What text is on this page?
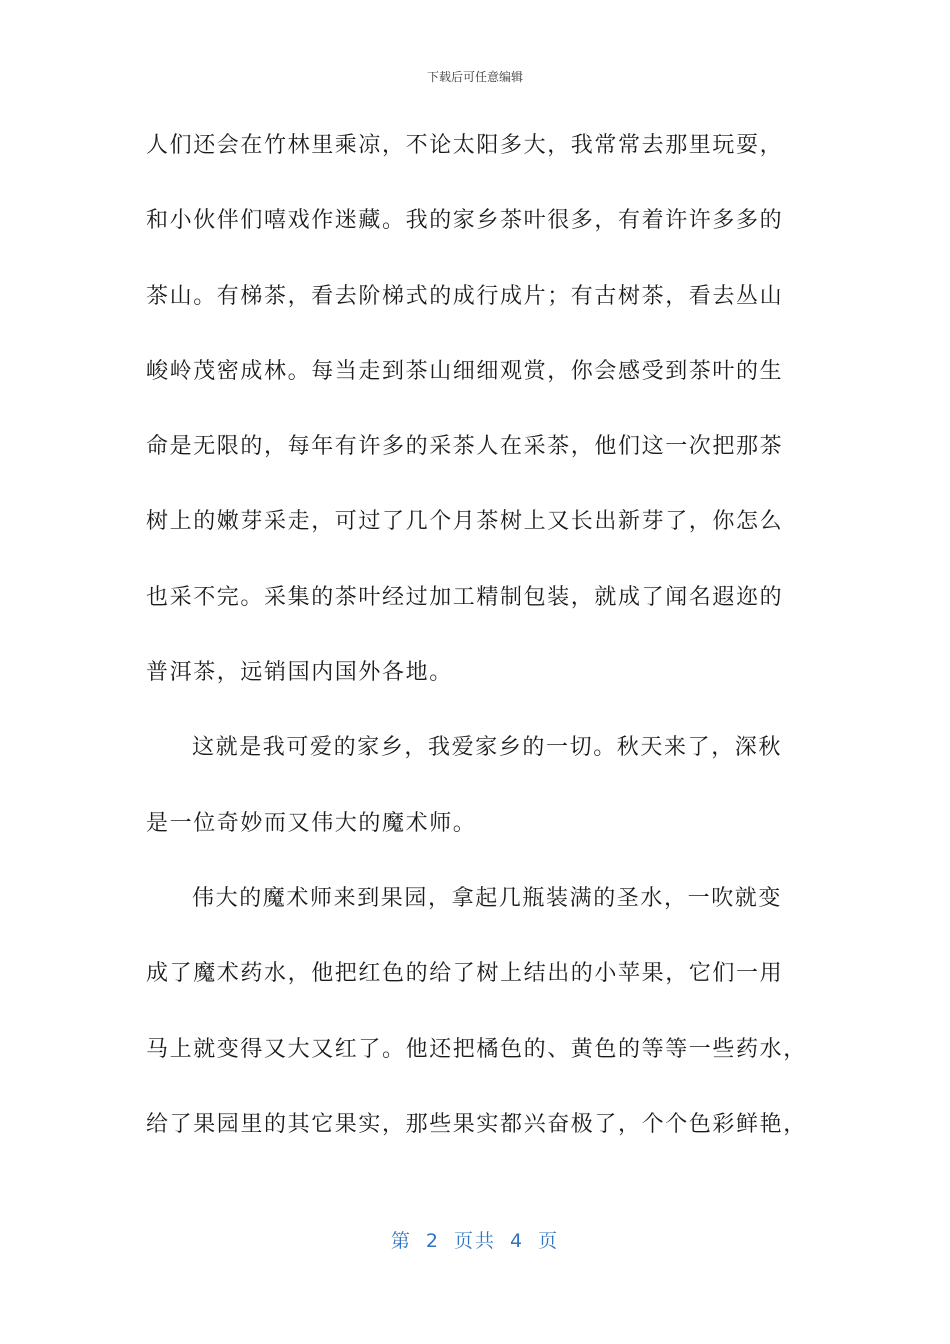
下载后可任意编辑
人们还会在竹林里乘凉，不论太阳多大，我常常去那里玩耍，
和小伙伴们嘻戏作迷藏。我的家乡茶叶很多，有着许许多多的
茶山。有梯茶，看去阶梯式的成行成片；有古树茶，看去丛山
峻岭茂密成林。每当走到茶山细细观赏，你会感受到茶叶的生
命是无限的，每年有许多的采茶人在采茶，他们这一次把那茶
树上的嫩芽采走，可过了几个月茶树上又长出新芽了，你怎么
也采不完。采集的茶叶经过加工精制包装，就成了闻名遐迩的
普洱茶，远销国内国外各地。
这就是我可爱的家乡，我爱家乡的一切。秋天来了，深秋
是一位奇妙而又伟大的魔术师。
伟大的魔术师来到果园，拿起几瓶装满的圣水，一吹就变
成了魔术药水，他把红色的给了树上结出的小苹果，它们一用
马上就变得又大又红了。他还把橘色的、黄色的等等一些药水，
给了果园里的其它果实，那些果实都兴奋极了，个个色彩鲜艳，
第 2 页共 4 页
